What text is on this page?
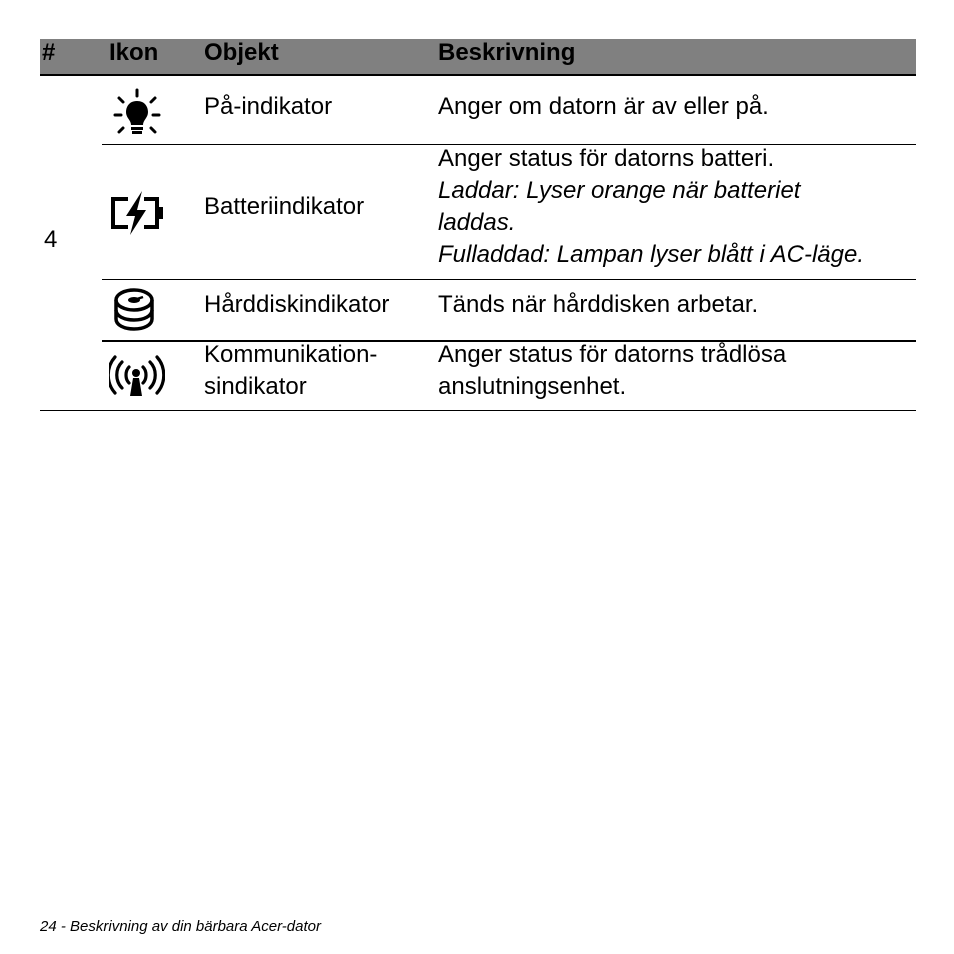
# Ikon Objekt	Beskrivning
4
På-indikator	Anger om datorn är av eller på.
Batteriindikator
Anger status för datorns batteri.
Laddar: Lyser orange när batteriet
laddas.
Fulladdad: Lampan lyser blått i AC-läge.
Hårddiskindikator Tänds när hårddisken arbetar.
Kommunikation-
sindikator
Anger status för datorns trådlösa
anslutningsenhet.
24 - Beskrivning av din bärbara Acer-dator
